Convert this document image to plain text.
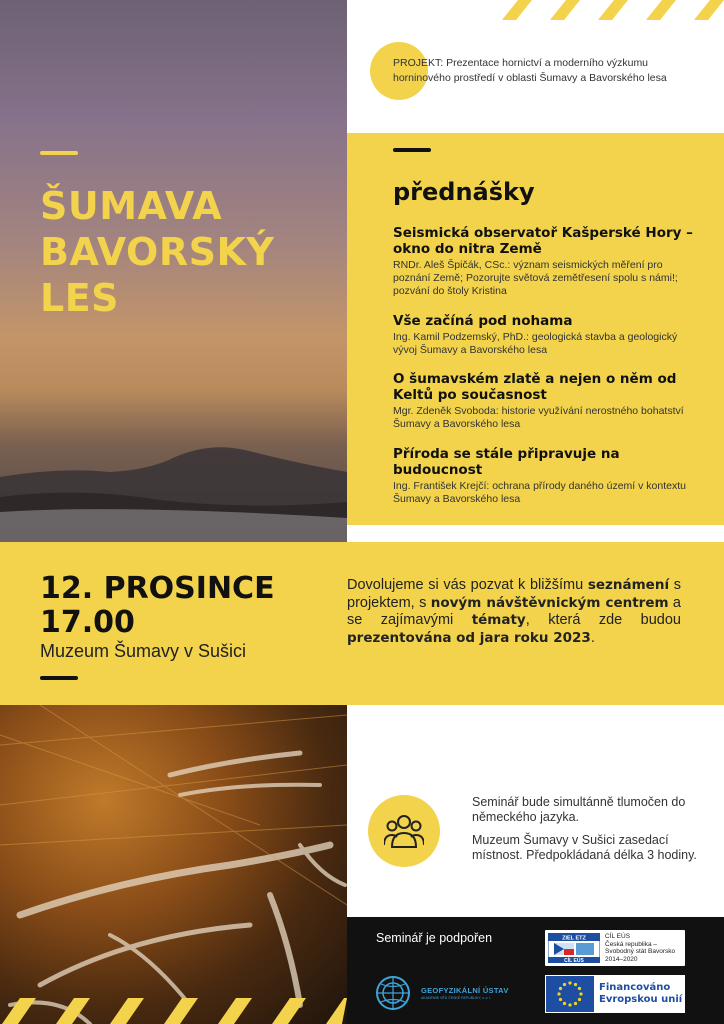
PROJEKT: Prezentace hornictví a moderního výzkumu horninového prostředí v oblasti Šumavy a Bavorského lesa
ŠUMAVA
BAVORSKÝ
LES
přednášky
Seismická observatoř Kašperské Hory – okno do nitra Země
RNDr. Aleš Špičák, CSc.: význam seismických měření pro poznání Země; Pozorujte světová zemětřesení spolu s námi!; pozvání do štoly Kristina
Vše začíná pod nohama
Ing. Kamil Podzemský, PhD.: geologická stavba a geologický vývoj Šumavy a Bavorského lesa
O šumavském zlatě a nejen o něm od Keltů po současnost
Mgr. Zdeněk Svoboda: historie využívání nerostného bohatství Šumavy a Bavorského lesa
Příroda se stále připravuje na budoucnost
Ing. František Krejčí: ochrana přírody daného území v kontextu Šumavy a Bavorského lesa
12. PROSINCE
17.00
Muzeum Šumavy v Sušici
Dovolujeme si vás pozvat k bližšímu seznámení s projektem, s novým návštěvnickým centrem a se zajímavými tématy, která zde budou prezentována od jara roku 2023.
Seminář bude simultánně tlumočen do německého jazyka.
Muzeum Šumavy v Sušici zasedací místnost. Předpokládaná délka 3 hodiny.
Seminář je podpořen	ZIEL ETZ
CÍL EÚS
CÍL EÚS
Česká republika –
Svobodný stát Bavorsko
2014–2020
GEOFYZIKÁLNÍ ÚSTAV
AKADEMIE VĚD ČESKÉ REPUBLIKY, v. v. i.
Financováno
Evropskou unií
